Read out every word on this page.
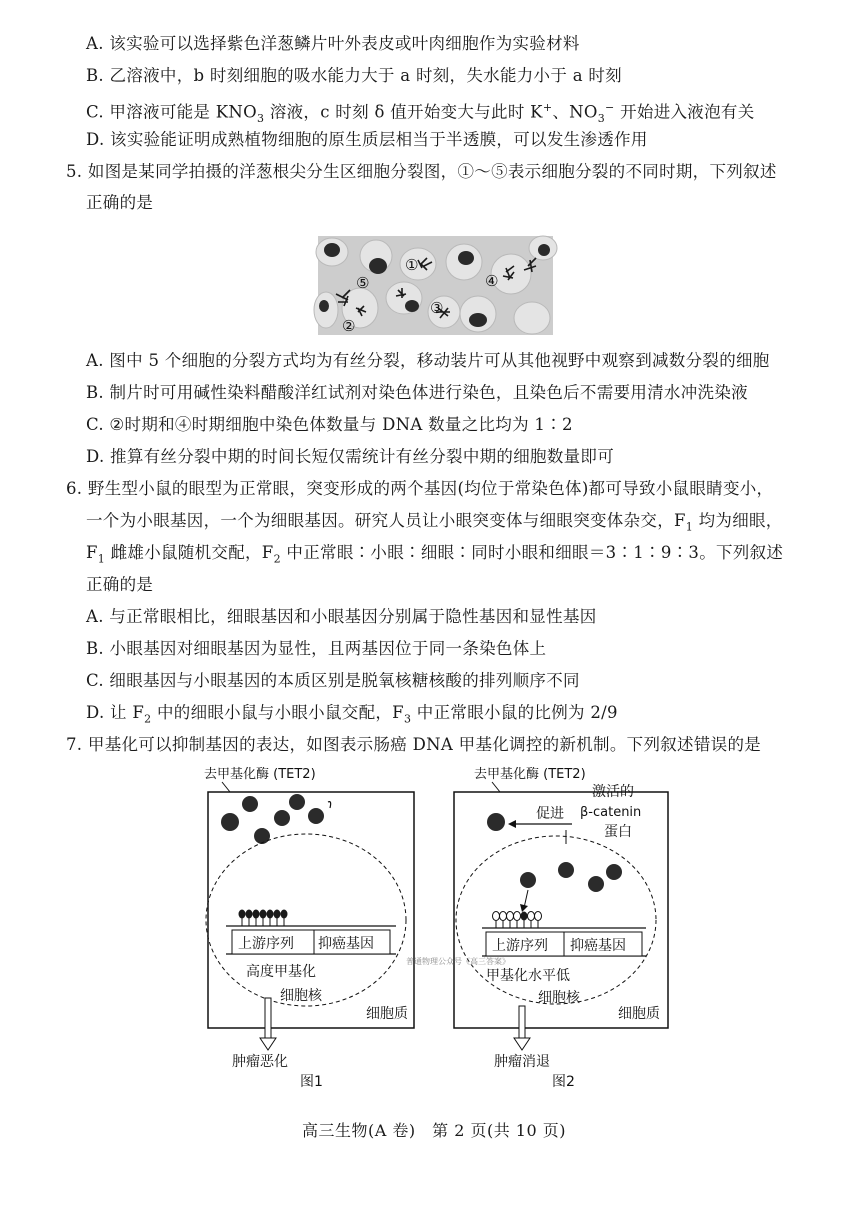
A. 该实验可以选择紫色洋葱鳞片叶外表皮或叶肉细胞作为实验材料
B. 乙溶液中，b 时刻细胞的吸水能力大于 a 时刻，失水能力小于 a 时刻
C. 甲溶液可能是 $KNO_3$ 溶液，c 时刻 δ 值开始变大与此时 K+、$NO_3^-$ 开始进入液泡有关
D. 该实验能证明成熟植物细胞的原生质层相当于半透膜，可以发生渗透作用
5. 如图是某同学拍摄的洋葱根尖分生区细胞分裂图，①～⑤表示细胞分裂的不同时期，下列叙述
正确的是
①
②
③
④
⑤
A. 图中 5 个细胞的分裂方式均为有丝分裂，移动装片可从其他视野中观察到减数分裂的细胞
B. 制片时可用碱性染料醋酸洋红试剂对染色体进行染色，且染色后不需要用清水冲洗染液
C. ②时期和④时期细胞中染色体数量与 DNA 数量之比均为 1∶2
D. 推算有丝分裂中期的时间长短仅需统计有丝分裂中期的细胞数量即可
6. 野生型小鼠的眼型为正常眼，突变形成的两个基因(均位于常染色体)都可导致小鼠眼睛变小，
一个为小眼基因，一个为细眼基因。研究人员让小眼突变体与细眼突变体杂交，$F_1$ 均为细眼，
$F_1$ 雌雄小鼠随机交配，$F_2$ 中正常眼∶小眼∶细眼∶同时小眼和细眼＝3∶1∶9∶3。下列叙述
正确的是
A. 与正常眼相比，细眼基因和小眼基因分别属于隐性基因和显性基因
B. 小眼基因对细眼基因为显性，且两基因位于同一条染色体上
C. 细眼基因与小眼基因的本质区别是脱氧核糖核酸的排列顺序不同
D. 让 $F_2$ 中的细眼小鼠与小眼小鼠交配，$F_3$ 中正常眼小鼠的比例为 2/9
7. 甲基化可以抑制基因的表达，如图表示肠癌 DNA 甲基化调控的新机制。下列叙述错误的是
去甲基化酶 (TET2)
上游序列 抑癌基因
高度甲基化
细胞核
细胞质
肿瘤恶化
图1
去甲基化酶 (TET2)
促进
激活的
β-catenin
蛋白
上游序列 抑癌基因
普通物理公众号《高三答案》
甲基化水平低
细胞核
细胞质
肿瘤消退
图2
高三生物(A 卷)　第 2 页(共 10 页)
